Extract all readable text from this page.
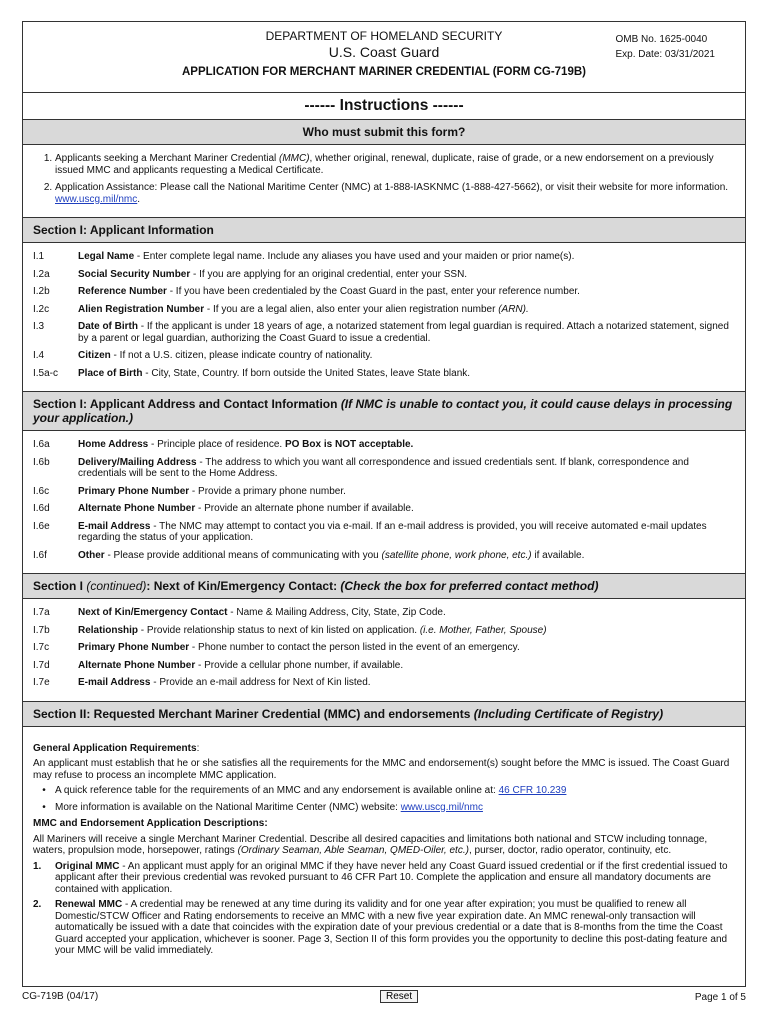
DEPARTMENT OF HOMELAND SECURITY
U.S. Coast Guard
APPLICATION FOR MERCHANT MARINER CREDENTIAL (FORM CG-719B)
OMB No. 1625-0040
Exp. Date: 03/31/2021
------ Instructions ------
Who must submit this form?
1. Applicants seeking a Merchant Mariner Credential (MMC), whether original, renewal, duplicate, raise of grade, or a new endorsement on a previously issued MMC and applicants requesting a Medical Certificate.
2. Application Assistance: Please call the National Maritime Center (NMC) at 1-888-IASKNMC (1-888-427-5662), or visit their website for more information.
www.uscg.mil/nmc.
Section I: Applicant Information
I.1	Legal Name - Enter complete legal name. Include any aliases you have used and your maiden or prior name(s).
I.2a	Social Security Number - If you are applying for an original credential, enter your SSN.
I.2b	Reference Number - If you have been credentialed by the Coast Guard in the past, enter your reference number.
I.2c	Alien Registration Number - If you are a legal alien, also enter your alien registration number (ARN).
I.3	Date of Birth - If the applicant is under 18 years of age, a notarized statement from legal guardian is required. Attach a notarized statement, signed by a parent or legal guardian, authorizing the Coast Guard to issue a credential.
I.4	Citizen - If not a U.S. citizen, please indicate country of nationality.
I.5a-c	Place of Birth - City, State, Country. If born outside the United States, leave State blank.
Section I: Applicant Address and Contact Information (If NMC is unable to contact you, it could cause delays in processing your application.)
I.6a	Home Address - Principle place of residence. PO Box is NOT acceptable.
I.6b	Delivery/Mailing Address - The address to which you want all correspondence and issued credentials sent. If blank, correspondence and credentials will be sent to the Home Address.
I.6c	Primary Phone Number - Provide a primary phone number.
I.6d	Alternate Phone Number - Provide an alternate phone number if available.
I.6e	E-mail Address - The NMC may attempt to contact you via e-mail. If an e-mail address is provided, you will receive automated e-mail updates regarding the status of your application.
I.6f	Other - Please provide additional means of communicating with you (satellite phone, work phone, etc.) if available.
Section I (continued): Next of Kin/Emergency Contact: (Check the box for preferred contact method)
I.7a	Next of Kin/Emergency Contact - Name & Mailing Address, City, State, Zip Code.
I.7b	Relationship - Provide relationship status to next of kin listed on application. (i.e. Mother, Father, Spouse)
I.7c	Primary Phone Number - Phone number to contact the person listed in the event of an emergency.
I.7d	Alternate Phone Number - Provide a cellular phone number, if available.
I.7e	E-mail Address - Provide an e-mail address for Next of Kin listed.
Section II: Requested Merchant Mariner Credential (MMC) and endorsements (Including Certificate of Registry)
General Application Requirements:
An applicant must establish that he or she satisfies all the requirements for the MMC and endorsement(s) sought before the MMC is issued. The Coast Guard may refuse to process an incomplete MMC application.
• A quick reference table for the requirements of an MMC and any endorsement is available online at: 46 CFR 10.239
• More information is available on the National Maritime Center (NMC) website: www.uscg.mil/nmc
MMC and Endorsement Application Descriptions:
All Mariners will receive a single Merchant Mariner Credential. Describe all desired capacities and limitations both national and STCW including tonnage, waters, propulsion mode, horsepower, ratings (Ordinary Seaman, Able Seaman, QMED-Oiler, etc.), purser, doctor, radio operator, continuity, etc.
1.	Original MMC - An applicant must apply for an original MMC if they have never held any Coast Guard issued credential or if the first credential issued to applicant after their previous credential was revoked pursuant to 46 CFR Part 10. Complete the application and ensure all mandatory documents are contained with application.
2.	Renewal MMC - A credential may be renewed at any time during its validity and for one year after expiration; you must be qualified to renew all Domestic/STCW Officer and Rating endorsements to receive an MMC with a new five year expiration date. An MMC renewal-only transaction will automatically be issued with a date that coincides with the expiration date of your previous credential or a date that is 8-months from the time the Coast Guard accepted your application, whichever is sooner. Page 3, Section II of this form provides you the opportunity to decline this post-dating feature and your MMC will be valid immediately.
CG-719B (04/17)	Reset	Page 1 of 5
